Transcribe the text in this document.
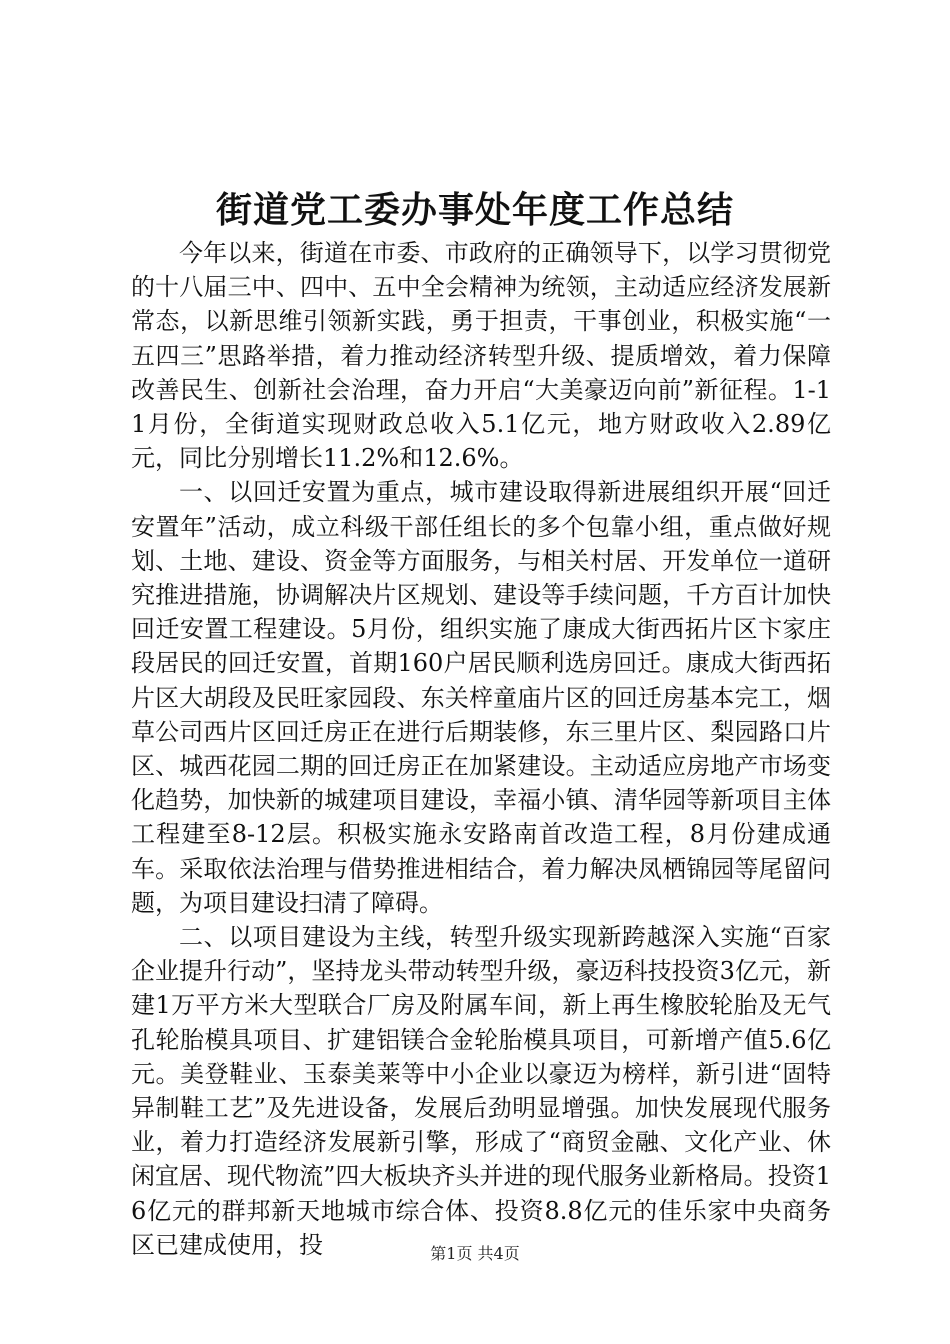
街道党工委办事处年度工作总结

今年以来，街道在市委、市政府的正确领导下，以学习贯彻党的十八届三中、四中、五中全会精神为统领，主动适应经济发展新常态，以新思维引领新实践，勇于担责，干事创业，积极实施“一五四三”思路举措，着力推动经济转型升级、提质增效，着力保障改善民生、创新社会治理，奋力开启“大美豪迈向前”新征程。1-11月份，全街道实现财政总收入5.1亿元，地方财政收入2.89亿元，同比分别增长11.2%和12.6%。

一、以回迁安置为重点，城市建设取得新进展组织开展“回迁安置年”活动，成立科级干部任组长的多个包靠小组，重点做好规划、土地、建设、资金等方面服务，与相关村居、开发单位一道研究推进措施，协调解决片区规划、建设等手续问题，千方百计加快回迁安置工程建设。5月份，组织实施了康成大街西拓片区卞家庄段居民的回迁安置，首期160户居民顺利选房回迁。康成大街西拓片区大胡段及民旺家园段、东关梓童庙片区的回迁房基本完工，烟草公司西片区回迁房正在进行后期装修，东三里片区、梨园路口片区、城西花园二期的回迁房正在加紧建设。主动适应房地产市场变化趋势，加快新的城建项目建设，幸福小镇、清华园等新项目主体工程建至8-12层。积极实施永安路南首改造工程，8月份建成通车。采取依法治理与借势推进相结合，着力解决凤栖锦园等尾留问题，为项目建设扫清了障碍。

二、以项目建设为主线，转型升级实现新跨越深入实施“百家企业提升行动”，坚持龙头带动转型升级，豪迈科技投资3亿元，新建1万平方米大型联合厂房及附属车间，新上再生橡胶轮胎及无气孔轮胎模具项目、扩建铝镁合金轮胎模具项目，可新增产值5.6亿元。美登鞋业、玉泰美莱等中小企业以豪迈为榜样，新引进“固特异制鞋工艺”及先进设备，发展后劲明显增强。加快发展现代服务业，着力打造经济发展新引擎，形成了“商贸金融、文化产业、休闲宜居、现代物流”四大板块齐头并进的现代服务业新格局。投资16亿元的群邦新天地城市综合体、投资8.8亿元的佳乐家中央商务区已建成使用，投	第1页 共4页
